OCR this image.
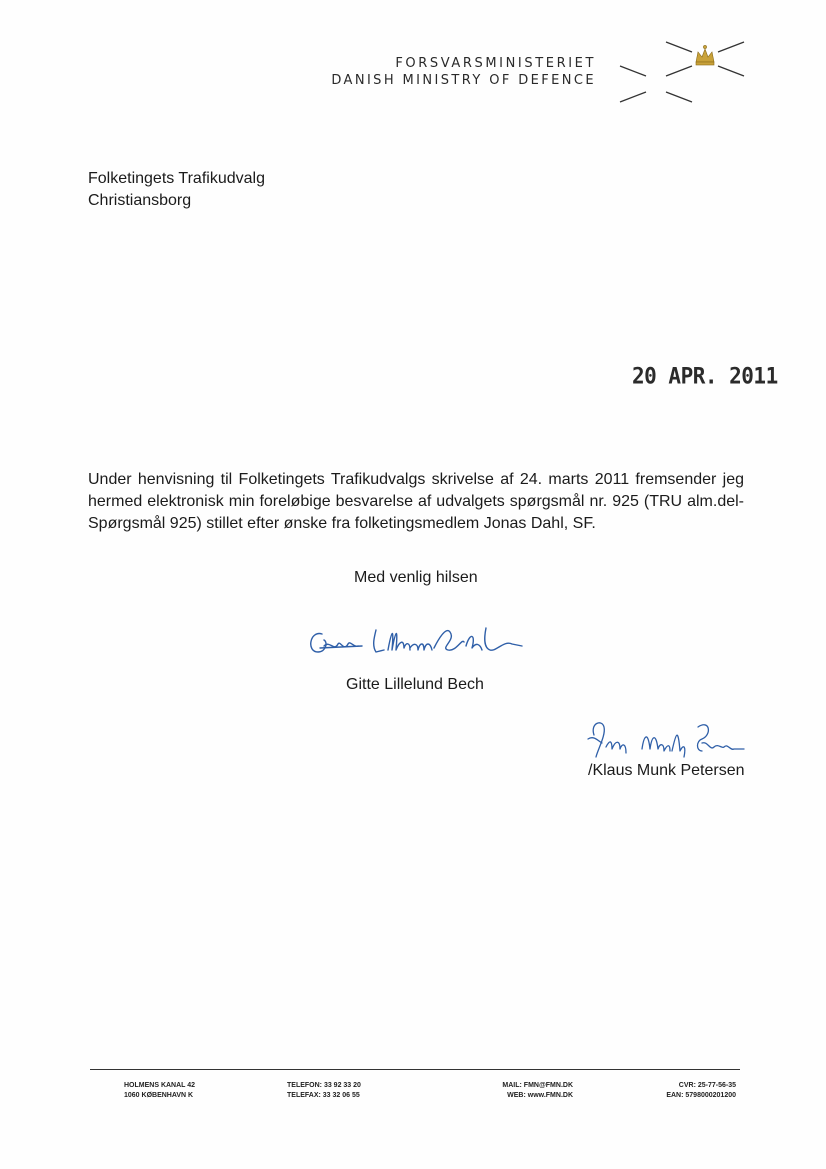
FORSVARSMINISTERIET
DANISH MINISTRY OF DEFENCE
Folketingets Trafikudvalg
Christiansborg
20 APR. 2011
Under henvisning til Folketingets Trafikudvalgs skrivelse af 24. marts 2011 fremsender jeg hermed elektronisk min foreløbige besvarelse af udvalgets spørgsmål nr. 925 (TRU alm.del-Spørgsmål 925) stillet efter ønske fra folketingsmedlem Jonas Dahl, SF.
Med venlig hilsen
Gitte Lillelund Bech
/Klaus Munk Petersen
HOLMENS KANAL 42
1060 KØBENHAVN K
TELEFON: 33 92 33 20
TELEFAX: 33 32 06 55
MAIL: FMN@FMN.DK
WEB: www.FMN.DK
CVR: 25-77-56-35
EAN: 5798000201200
